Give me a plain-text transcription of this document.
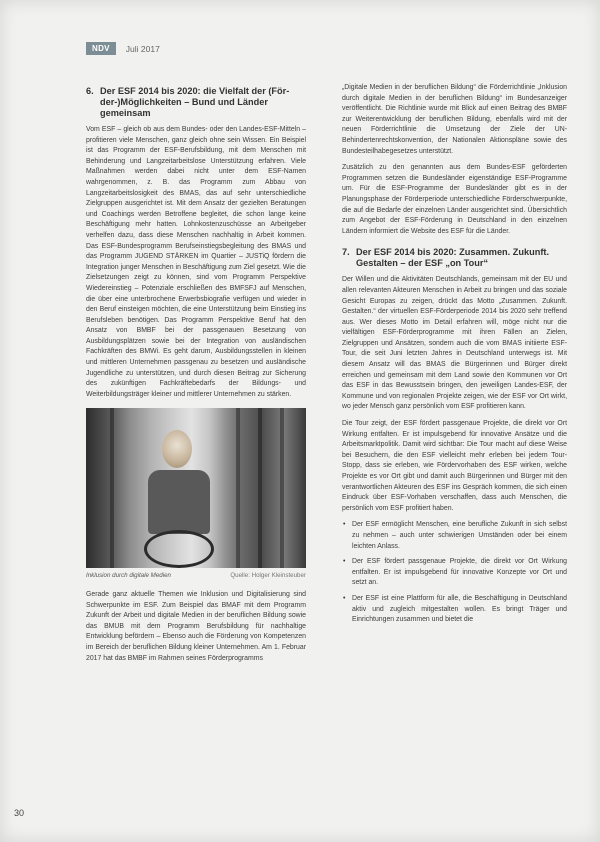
NDV	Juli 2017
6. Der ESF 2014 bis 2020: die Vielfalt der (För- der-)Möglichkeiten – Bund und Länder gemeinsam

Vom ESF – gleich ob aus dem Bundes- oder den Landes-ESF-Mitteln – profitieren viele Menschen, ganz gleich ohne sein Wissen. Ein Beispiel ist das Programm der ESF-Berufsbildung, mit dem Menschen mit Behinderung und Langzeitarbeitslose Unterstützung erfahren. Viele Maßnahmen werden dabei nicht unter dem ESF-Namen wahrgenommen, z. B. das Programm zum Abbau von Langzeitarbeitslosigkeit des BMAS, das auf sehr unterschiedliche Zielgruppen ausgerichtet ist. Mit dem Ansatz der gezielten Beratungen und Coachings werden Betroffene begleitet, die schon lange keine Beschäftigung mehr hatten. Lohnkostenzuschüsse an Arbeitgeber verhelfen dazu, dass diese Menschen nachhaltig in Arbeit kommen. Das ESF-Bundesprogramm Berufseinstiegsbegleitung des BMAS und das Programm JUGEND STÄRKEN im Quartier – JUSTiQ fördern die Integration junger Menschen in Beschäftigung zum Ziel gesetzt. Wie die Zielsetzungen zeigt zu können, sind vom Programm Perspektive Wiedereinstieg – Potenziale erschließen des BMFSFJ auf Menschen, die über eine unterbrochene Erwerbsbiografie verfügen und wieder in den Beruf einsteigen möchten, die eine Unterstützung beim Einstieg ins Berufsleben benötigen. Das Programm Perspektive Beruf hat den Ansatz von BMBF bei der passgenauen Besetzung von Ausbildungsplätzen sowie bei der Integration von ausländischen Fachkräften des BMWi. Es geht darum, Ausbildungsstellen in kleinen und mittleren Unternehmen passgenau zu besetzen und ausländische Jugendliche zu unterstützen, und durch diesen Beitrag zur Sicherung des zukünftigen Fachkräftebedarfs der Bildungs- und Weiterbildungsträger kleiner und mittlerer Unternehmen zu stärken.

Inklusion durch digitale Medien	Quelle: Holger Kleinsteuber

Gerade ganz aktuelle Themen wie Inklusion und Digitalisierung sind Schwerpunkte im ESF. Zum Beispiel das BMAF mit dem Programm Zukunft der Arbeit und digitale Medien in der beruflichen Bildung sowie das BMUB mit dem Programm Berufsbildung für nachhaltige Entwicklung befördern – Ebenso auch die Förderung von Kompetenzen im Bereich der beruflichen Bildung kleiner Unternehmen. Am 1. Februar 2017 hat das BMBF im Rahmen seines Förderprogramms

„Digitale Medien in der beruflichen Bildung“ die Förderrichtlinie „Inklusion durch digitale Medien in der beruflichen Bildung“ im Bundesanzeiger veröffentlicht. Die Richtlinie wurde mit Blick auf einen Beitrag des BMBF zur Weiterentwicklung der beruflichen Bildung, ebenfalls wird mit der neuen Förderrichtlinie die Umsetzung der Ziele der UN-Behindertenrechtskonvention, der Nationalen Aktionspläne sowie des Bundesteilhabegesetzes unterstützt.

Zusätzlich zu den genannten aus dem Bundes-ESF geförderten Programmen setzen die Bundesländer eigenständige ESF-Programme um. Für die ESF-Programme der Bundesländer gibt es in der Planungsphase der Förderperiode unterschiedliche Förderschwerpunkte, die auf die Bedarfe der einzelnen Länder ausgerichtet sind. Übersichtlich zum Angebot der ESF-Förderung in Deutschland in den einzelnen Ländern informiert die Website des ESF für die Länder.

7. Der ESF 2014 bis 2020: Zusammen. Zukunft. Gestalten – der ESF „on Tour“

Der Willen und die Aktivitäten Deutschlands, gemeinsam mit der EU und allen relevanten Akteuren Menschen in Arbeit zu bringen und das soziale Gesicht Europas zu zeigen, drückt das Motto „Zusammen. Zukunft. Gestalten.“ der virtuellen ESF-Förderperiode 2014 bis 2020 sehr treffend aus. Wer dieses Motto im Detail erfahren will, möge nicht nur die vielfältigen ESF-Förderprogramme mit ihren Fällen an Zielen, Zielgruppen und Ansätzen, sondern auch die vom BMAS initiierte ESF-Tour, die seit Juni letzten Jahres in Deutschland unterwegs ist. Mit diesem Ansatz will das BMAS die Bürgerinnen und Bürger direkt erreichen und gemeinsam mit dem Land sowie den Kommunen vor Ort das ESF in das Bewusstsein bringen, den jeweiligen Landes-ESF, der Kommune und von regionalen Projekte zeigen, wie der ESF vor Ort wirkt, wo jeder Mensch ganz persönlich vom ESF profitieren kann.

Die Tour zeigt, der ESF fördert passgenaue Projekte, die direkt vor Ort Wirkung entfalten. Er ist impulsgebend für innovative Ansätze und die Arbeitsmarktpolitik. Damit wird sichtbar: Die Tour macht auf diese Weise bei Besuchern, die den ESF vielleicht mehr erleben bei jedem Tour-Stopp, dass sie erleben, wie Fördervorhaben des ESF wirken, welche Projekte es vor Ort gibt und damit auch Bürgerinnen und Bürger mit den verantwortlichen Akteuren des ESF ins Gespräch kommen, die sich einen Eindruck über ESF-Vorhaben verschaffen, dass auch Menschen, die persönlich vom ESF profitiert haben.

• Der ESF ermöglicht Menschen, eine berufliche Zukunft in sich selbst zu nehmen – auch unter schwierigen Umständen oder bei einem leichten Anlass.
• Der ESF fördert passgenaue Projekte, die direkt vor Ort Wirkung entfalten. Er ist impulsgebend für innovative Konzepte vor Ort und setzt an.
• Der ESF ist eine Plattform für alle, die Beschäftigung in Deutschland aktiv und zugleich mitgestalten wollen. Es bringt Träger und Einrichtungen zusammen und bietet die
30
